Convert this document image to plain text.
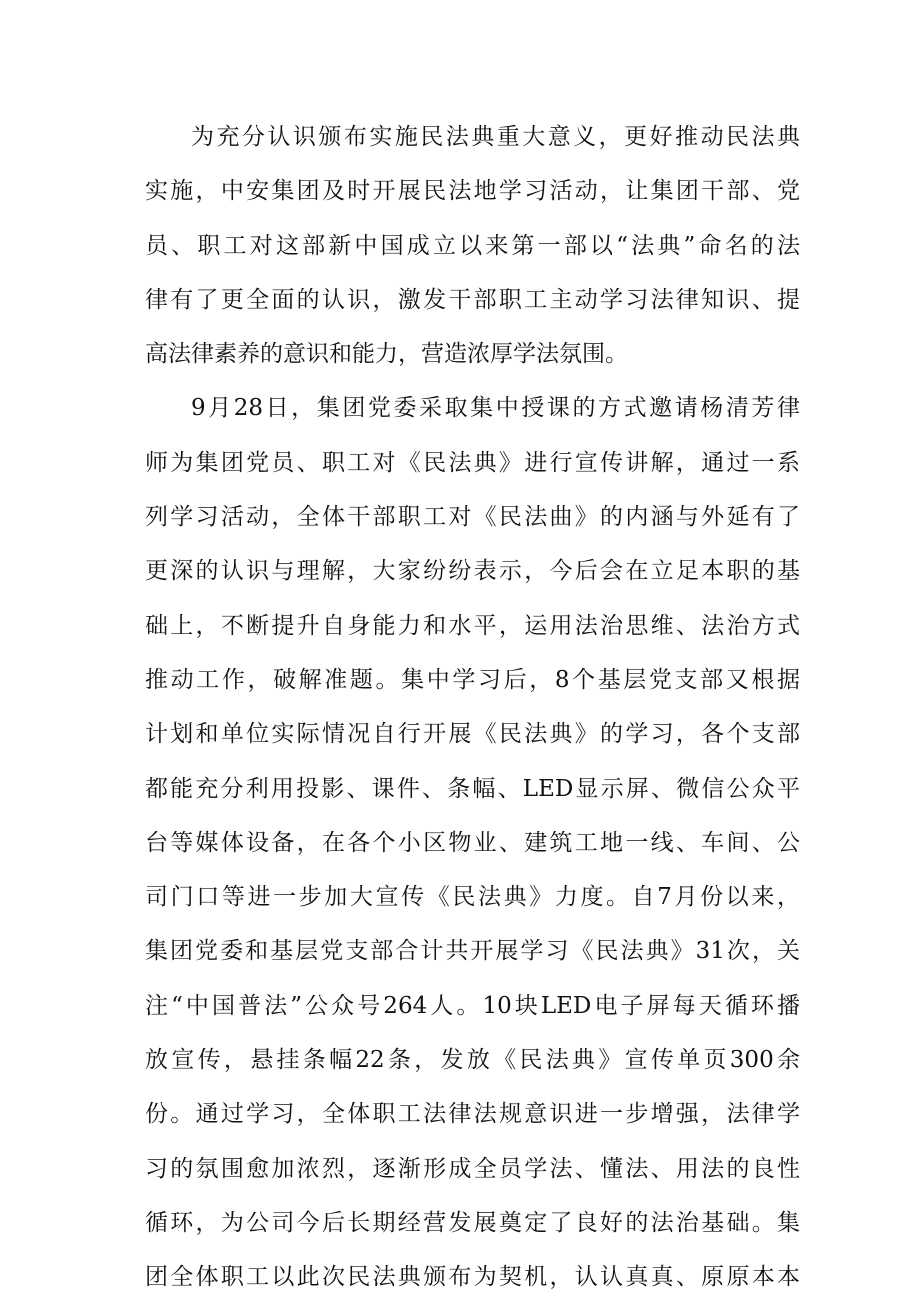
为充分认识颁布实施民法典重大意义，更好推动民法典
实施，中安集团及时开展民法地学习活动，让集团干部、党
员、职工对这部新中国成立以来第一部以“法典”命名的法
律有了更全面的认识，激发干部职工主动学习法律知识、提
高法律素养的意识和能力，营造浓厚学法氛围。
9月28日，集团党委采取集中授课的方式邀请杨清芳律
师为集团党员、职工对《民法典》进行宣传讲解，通过一系
列学习活动，全体干部职工对《民法曲》的内涵与外延有了
更深的认识与理解，大家纷纷表示，今后会在立足本职的基
础上，不断提升自身能力和水平，运用法治思维、法治方式
推动工作，破解准题。集中学习后，8个基层党支部又根据
计划和单位实际情况自行开展《民法典》的学习，各个支部
都能充分利用投影、课件、条幅、LED显示屏、微信公众平
台等媒体设备，在各个小区物业、建筑工地一线、车间、公
司门口等进一步加大宣传《民法典》力度。自7月份以来，
集团党委和基层党支部合计共开展学习《民法典》31次，关
注“中国普法”公众号264人。10块LED电子屏每天循环播
放宣传，悬挂条幅22条，发放《民法典》宣传单页300余
份。通过学习，全体职工法律法规意识进一步增强，法律学
习的氛围愈加浓烈，逐渐形成全员学法、懂法、用法的良性
循环，为公司今后长期经营发展奠定了良好的法治基础。集
团全体职工以此次民法典颁布为契机，认认真真、原原本本
